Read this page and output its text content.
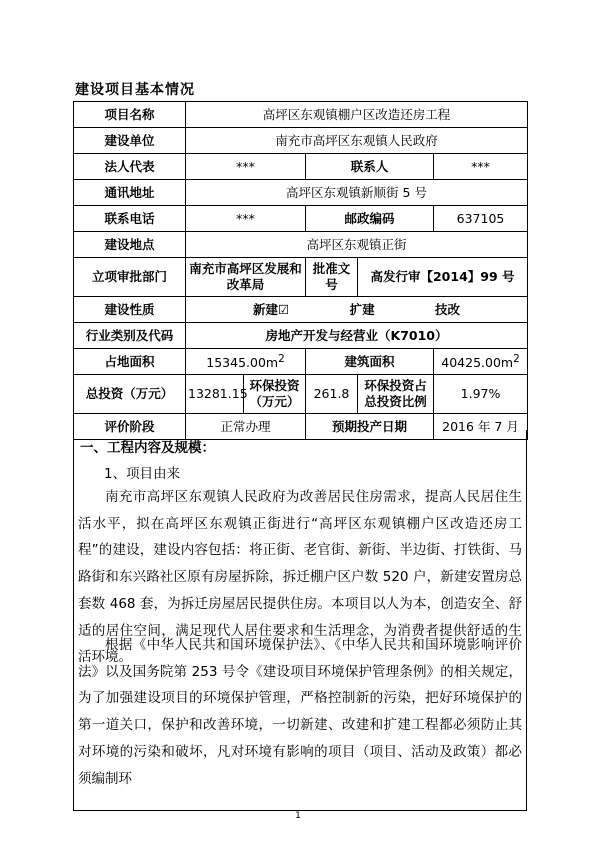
建设项目基本情况
项目名称	高坪区东观镇棚户区改造还房工程				
建设单位	南充市高坪区东观镇人民政府				
法人代表	***		联系人		***
通讯地址	高坪区东观镇新顺街 5 号				
联系电话	***		邮政编码		637105
建设地点	高坪区东观镇正街				
立项审批部门	南充市高坪区发展和改革局		批准文号	高发行审【2014】99 号	
建设性质	新建☑ 扩建 技改				
行业类别及代码	房地产开发与经营业（K7010）				
占地面积	$15345.00m^2$		建筑面积		$40425.00m^2$
总投资（万元）	13281.15	环保投资（万元）	261.8	环保投资占总投资比例	1.97%
评价阶段	正常办理		预期投产日期		2016 年 7 月
一、工程内容及规模：
1、项目由来

南充市高坪区东观镇人民政府为改善居民住房需求，提高人民居住生活水平，拟在高坪区东观镇正街进行“高坪区东观镇棚户区改造还房工程”的建设，建设内容包括：将正街、老官街、新街、半边街、打铁街、马路街和东兴路社区原有房屋拆除，拆迁棚户区户数 520 户，新建安置房总套数 468 套，为拆迁房屋居民提供住房。本项目以人为本，创造安全、舒适的居住空间，满足现代人居住要求和生活理念，为消费者提供舒适的生活环境。

根据《中华人民共和国环境保护法》、《中华人民共和国环境影响评价法》以及国务院第 253 号令《建设项目环境保护管理条例》的相关规定，为了加强建设项目的环境保护管理，严格控制新的污染，把好环境保护的第一道关口，保护和改善环境，一切新建、改建和扩建工程都必须防止其对环境的污染和破坏，凡对环境有影响的项目（项目、活动及政策）都必须编制环

1
